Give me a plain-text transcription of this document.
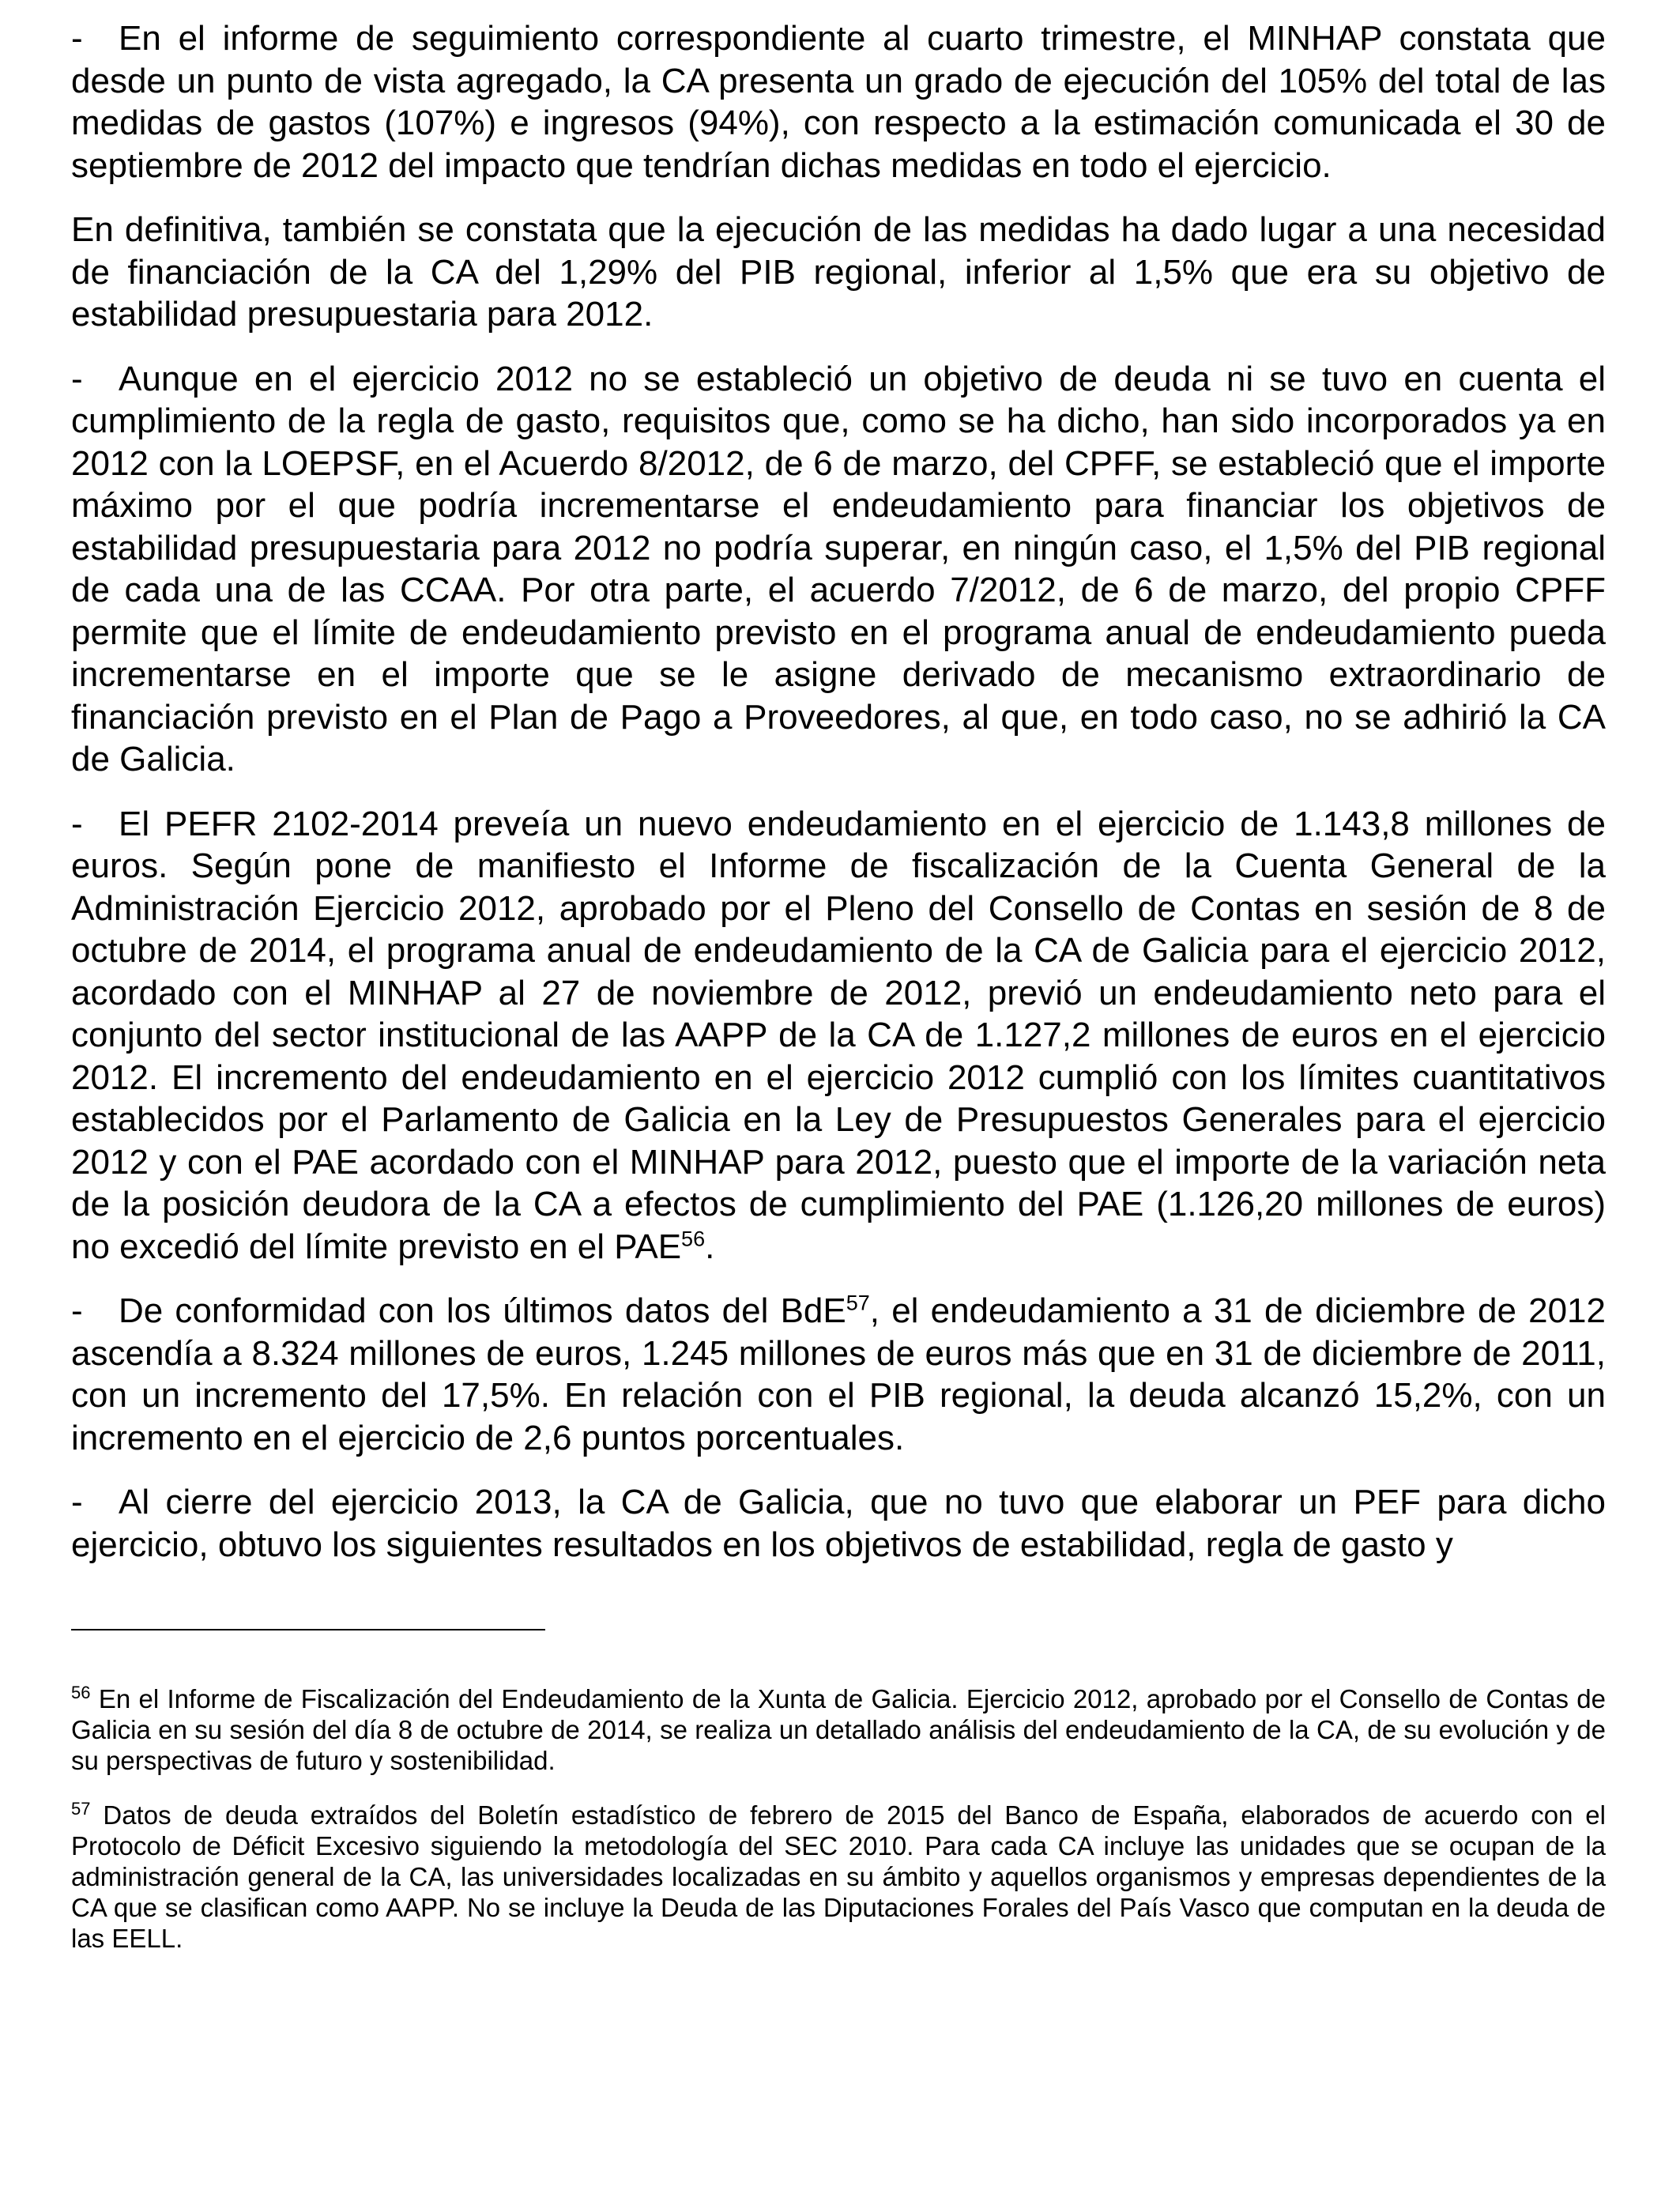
- En el informe de seguimiento correspondiente al cuarto trimestre, el MINHAP constata que desde un punto de vista agregado, la CA presenta un grado de ejecución del 105% del total de las medidas de gastos (107%) e ingresos (94%), con respecto a la estimación comunicada el 30 de septiembre de 2012 del impacto que tendrían dichas medidas en todo el ejercicio.

En definitiva, también se constata que la ejecución de las medidas ha dado lugar a una necesidad de financiación de la CA del 1,29% del PIB regional, inferior al 1,5% que era su objetivo de estabilidad presupuestaria para 2012.

- Aunque en el ejercicio 2012 no se estableció un objetivo de deuda ni se tuvo en cuenta el cumplimiento de la regla de gasto, requisitos que, como se ha dicho, han sido incorporados ya en 2012 con la LOEPSF, en el Acuerdo 8/2012, de 6 de marzo, del CPFF, se estableció que el importe máximo por el que podría incrementarse el endeudamiento para financiar los objetivos de estabilidad presupuestaria para 2012 no podría superar, en ningún caso, el 1,5% del PIB regional de cada una de las CCAA. Por otra parte, el acuerdo 7/2012, de 6 de marzo, del propio CPFF permite que el límite de endeudamiento previsto en el programa anual de endeudamiento pueda incrementarse en el importe que se le asigne derivado de mecanismo extraordinario de financiación previsto en el Plan de Pago a Proveedores, al que, en todo caso, no se adhirió la CA de Galicia.

- El PEFR 2102-2014 preveía un nuevo endeudamiento en el ejercicio de 1.143,8 millones de euros. Según pone de manifiesto el Informe de fiscalización de la Cuenta General de la Administración Ejercicio 2012, aprobado por el Pleno del Consello de Contas en sesión de 8 de octubre de 2014, el programa anual de endeudamiento de la CA de Galicia para el ejercicio 2012, acordado con el MINHAP al 27 de noviembre de 2012, previó un endeudamiento neto para el conjunto del sector institucional de las AAPP de la CA de 1.127,2 millones de euros en el ejercicio 2012. El incremento del endeudamiento en el ejercicio 2012 cumplió con los límites cuantitativos establecidos por el Parlamento de Galicia en la Ley de Presupuestos Generales para el ejercicio 2012 y con el PAE acordado con el MINHAP para 2012, puesto que el importe de la variación neta de la posición deudora de la CA a efectos de cumplimiento del PAE (1.126,20 millones de euros) no excedió del límite previsto en el PAE$^{56}$.

- De conformidad con los últimos datos del BdE$^{57}$, el endeudamiento a 31 de diciembre de 2012 ascendía a 8.324 millones de euros, 1.245 millones de euros más que en 31 de diciembre de 2011, con un incremento del 17,5%. En relación con el PIB regional, la deuda alcanzó 15,2%, con un incremento en el ejercicio de 2,6 puntos porcentuales.

- Al cierre del ejercicio 2013, la CA de Galicia, que no tuvo que elaborar un PEF para dicho ejercicio, obtuvo los siguientes resultados en los objetivos de estabilidad, regla de gasto y

$^{56}$ En el Informe de Fiscalización del Endeudamiento de la Xunta de Galicia. Ejercicio 2012, aprobado por el Consello de Contas de Galicia en su sesión del día 8 de octubre de 2014, se realiza un detallado análisis del endeudamiento de la CA, de su evolución y de su perspectivas de futuro y sostenibilidad.

$^{57}$ Datos de deuda extraídos del Boletín estadístico de febrero de 2015 del Banco de España, elaborados de acuerdo con el Protocolo de Déficit Excesivo siguiendo la metodología del SEC 2010. Para cada CA incluye las unidades que se ocupan de la administración general de la CA, las universidades localizadas en su ámbito y aquellos organismos y empresas dependientes de la CA que se clasifican como AAPP. No se incluye la Deuda de las Diputaciones Forales del País Vasco que computan en la deuda de las EELL.
